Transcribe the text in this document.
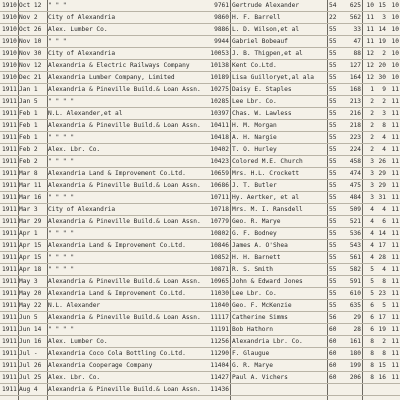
1910 Oct 12	" " "	9761 Gertrude Alexander	54	625 10 15 10
1910 Nov 2	City of Alexandria	9860 H. F. Barrell	22	562 11	3 10
1910 Oct 26	Alex. Lumber Co.	9886 L. D. Wilson,et al	55	33 11 14 10
1910 Nov 10	" " "	9944 Gabriel Bobeauf	55	47 11 19 10
1910 Nov 30	City of Alexandria	10053 J. B. Thigpen,et al	55	88 12	2 10
1910 Nov 12	Alexandria & Electric Railways Company	10138 Kent Co.Ltd.	55	127 12 20 10
1910 Dec 21	Alexandria Lumber Company, Limited	10189 Lisa Guilloryet,al ala	55	164 12 30 10
1911 Jan 1	Alexandria & Pineville Build.& Loan Assn.	10275 Daisy E. Staples	55	168	1	9 11
1911 Jan 5	" " " "	10285 Lee Lbr. Co.	55	213	2	2 11
1911 Feb 1	N.L. Alexander,et al	10397 Chas. W. Lawless	55	216	2	3 11
1911 Feb 1	Alexandria & Pineville Build.& Loan Assn.	10411 H. M. Morgan	55	218	2	8 11
1911 Feb 1	" " " "	10418 A. H. Nargie	55	223	2	4 11
1911 Feb 2	Alex. Lbr. Co.	10402 T. O. Hurley	55	224	2	4 11
1911 Feb 2	" " " "	10423 Colored M.E. Church	55	458	3 26 11
1911 Mar 8	Alexandria Land & Improvement Co.Ltd.	10659 Mrs. H.L. Crockett	55	474	3 29 11
1911 Mar 11	Alexandria & Pineville Build.& Loan Assn.	10686 J. T. Butler	55	475	3 29 11
1911 Mar 16	" " " "	10711 Hy. Aertker, et al	55	484	3 31 11
1911 Mar 3	City of Alexandria	10718 Mrs. M. I. Ransdell	55	509	4	4 11
1911 Mar 29	Alexandria & Pineville Build.& Loan Assn.	10779 Geo. R. Marye	55	521	4	6 11
1911 Apr 1	" " " "	10802 G. F. Bodney	55	536	4 14 11
1911 Apr 15	Alexandria Land & Improvement Co.Ltd.	10846 James A. O'Shea	55	543	4 17 11
1911 Apr 15	" " " "	10852 H. H. Barnett	55	561	4 28 11
1911 Apr 18	" " " "	10871 R. S. Smith	55	582	5	4 11
1911 May 3	Alexandria & Pineville Build.& Loan Assn.	10965 John & Edward Jones	55	591	5	8 11
1911 May 20	Alexandria Land & Improvement Co.Ltd.	11030 Lee Lbr. Co.	55	610	5 23 11
1911 May 22	N.L. Alexander	11040 Geo. F. McKenzie	55	635	6	5 11
1911 Jun 5	Alexandria & Pineville Build.& Loan Assn.	11117 Catherine Simms	56	29	6 17 11
1911 Jun 14	" " " "	11191 Bob Hathorn	60	28	6 19 11
1911 Jun 16	Alex. Lumber Co.	11256 Alexandria Lbr. Co.	60	161	8	2 11
1911 Jul -	Alexandria Coco Cola Bottling Co.Ltd.	11290 F. Glaugue	60	180	8	8 11
1911 Jul 26	Alexandria Cooperage Company	11404 G. R. Marye	60	199	8 15 11
1911 Jul 25	Alex. Lbr. Co.	11427 Paul A. Vichers	60	206	8 16 11
1911 Aug 4	Alexandria & Pineville Build.& Loan Assn.	11436
